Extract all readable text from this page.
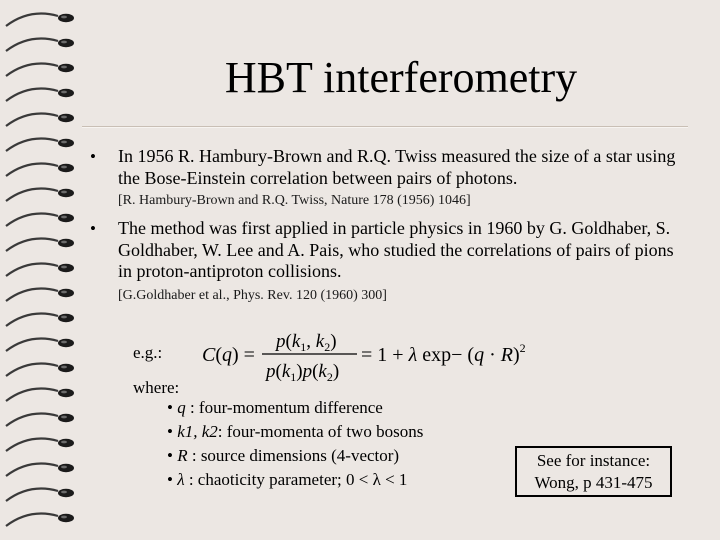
HBT interferometry
• In 1956 R. Hambury-Brown and R.Q. Twiss measured the size of a star using the Bose-Einstein correlation between pairs of photons.
[R. Hambury-Brown and R.Q. Twiss, Nature 178 (1956) 1046]
• The method was first applied in particle physics in 1960 by G. Goldhaber, S. Goldhaber, W. Lee and A. Pais, who studied the correlations of pairs of pions in proton-antiproton collisions.
[G.Goldhaber et al., Phys. Rev. 120 (1960) 300]
e.g.: C(q) =
$p(k_1$, $k_2$)
$p(k_1)p(k_2)$
= 1 + λ $\exp- (q \cdot R)^2$
where:
• q : four-momentum difference
• k1, k2: four-momenta of two bosons
• R : source dimensions (4-vector)
• λ : chaoticity parameter; 0 < λ < 1
See for instance:
Wong, p 431-475
